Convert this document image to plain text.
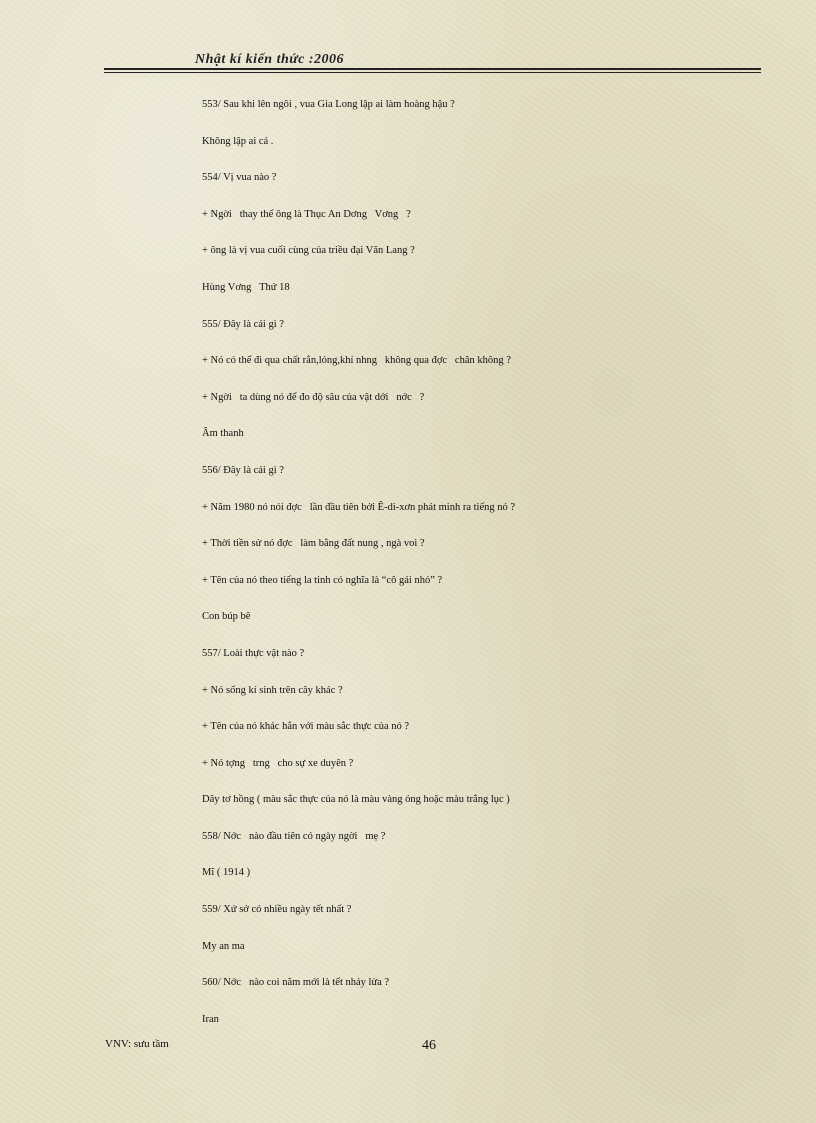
Nhật kí kiến thức :2006
553/ Sau khi lên ngôi , vua Gia Long lập ai làm hoàng hậu ?
Không lập ai cả .
554/ Vị vua nào ?
+ Ngời   thay thế ông là Thục An Dơng   Vơng   ?
+ ông là vị vua cuối cùng của triều đại Văn Lang ?
Hùng Vơng   Thứ 18
555/ Đây là cái gì ?
+ Nó có thể đi qua chất rắn,lỏng,khí nhng   không qua đợc   chân không ?
+ Ngời   ta dùng nó để đo độ sâu của vật dới   nớc   ?
Âm thanh
556/ Đây là cái gì ?
+ Năm 1980 nó nói đợc   lần đầu tiên bởi Ê-di-xơn phát minh ra tiếng nó ?
+ Thời tiền sử nó đợc   làm bằng đất nung , ngà voi ?
+ Tên của nó theo tiếng la tinh có nghĩa là “cô gái nhỏ” ?
Con búp bê
557/ Loài thực vật nào ?
+ Nó sống kí sinh trên cây khác ?
+ Tên của nó khác hẳn với màu sắc thực của nó ?
+ Nó tợng   trng   cho sự xe duyên ?
Dây tơ hồng ( màu sắc thực của nó là màu vàng óng hoặc màu trắng lục )
558/ Nớc   nào đầu tiên có ngày ngời   mẹ ?
Mĩ ( 1914 )
559/ Xứ sở có nhiều ngày tết nhất ?
My an ma
560/ Nớc   nào coi năm mới là tết nhảy lửa ?
Iran
VNV: sưu tầm	46
